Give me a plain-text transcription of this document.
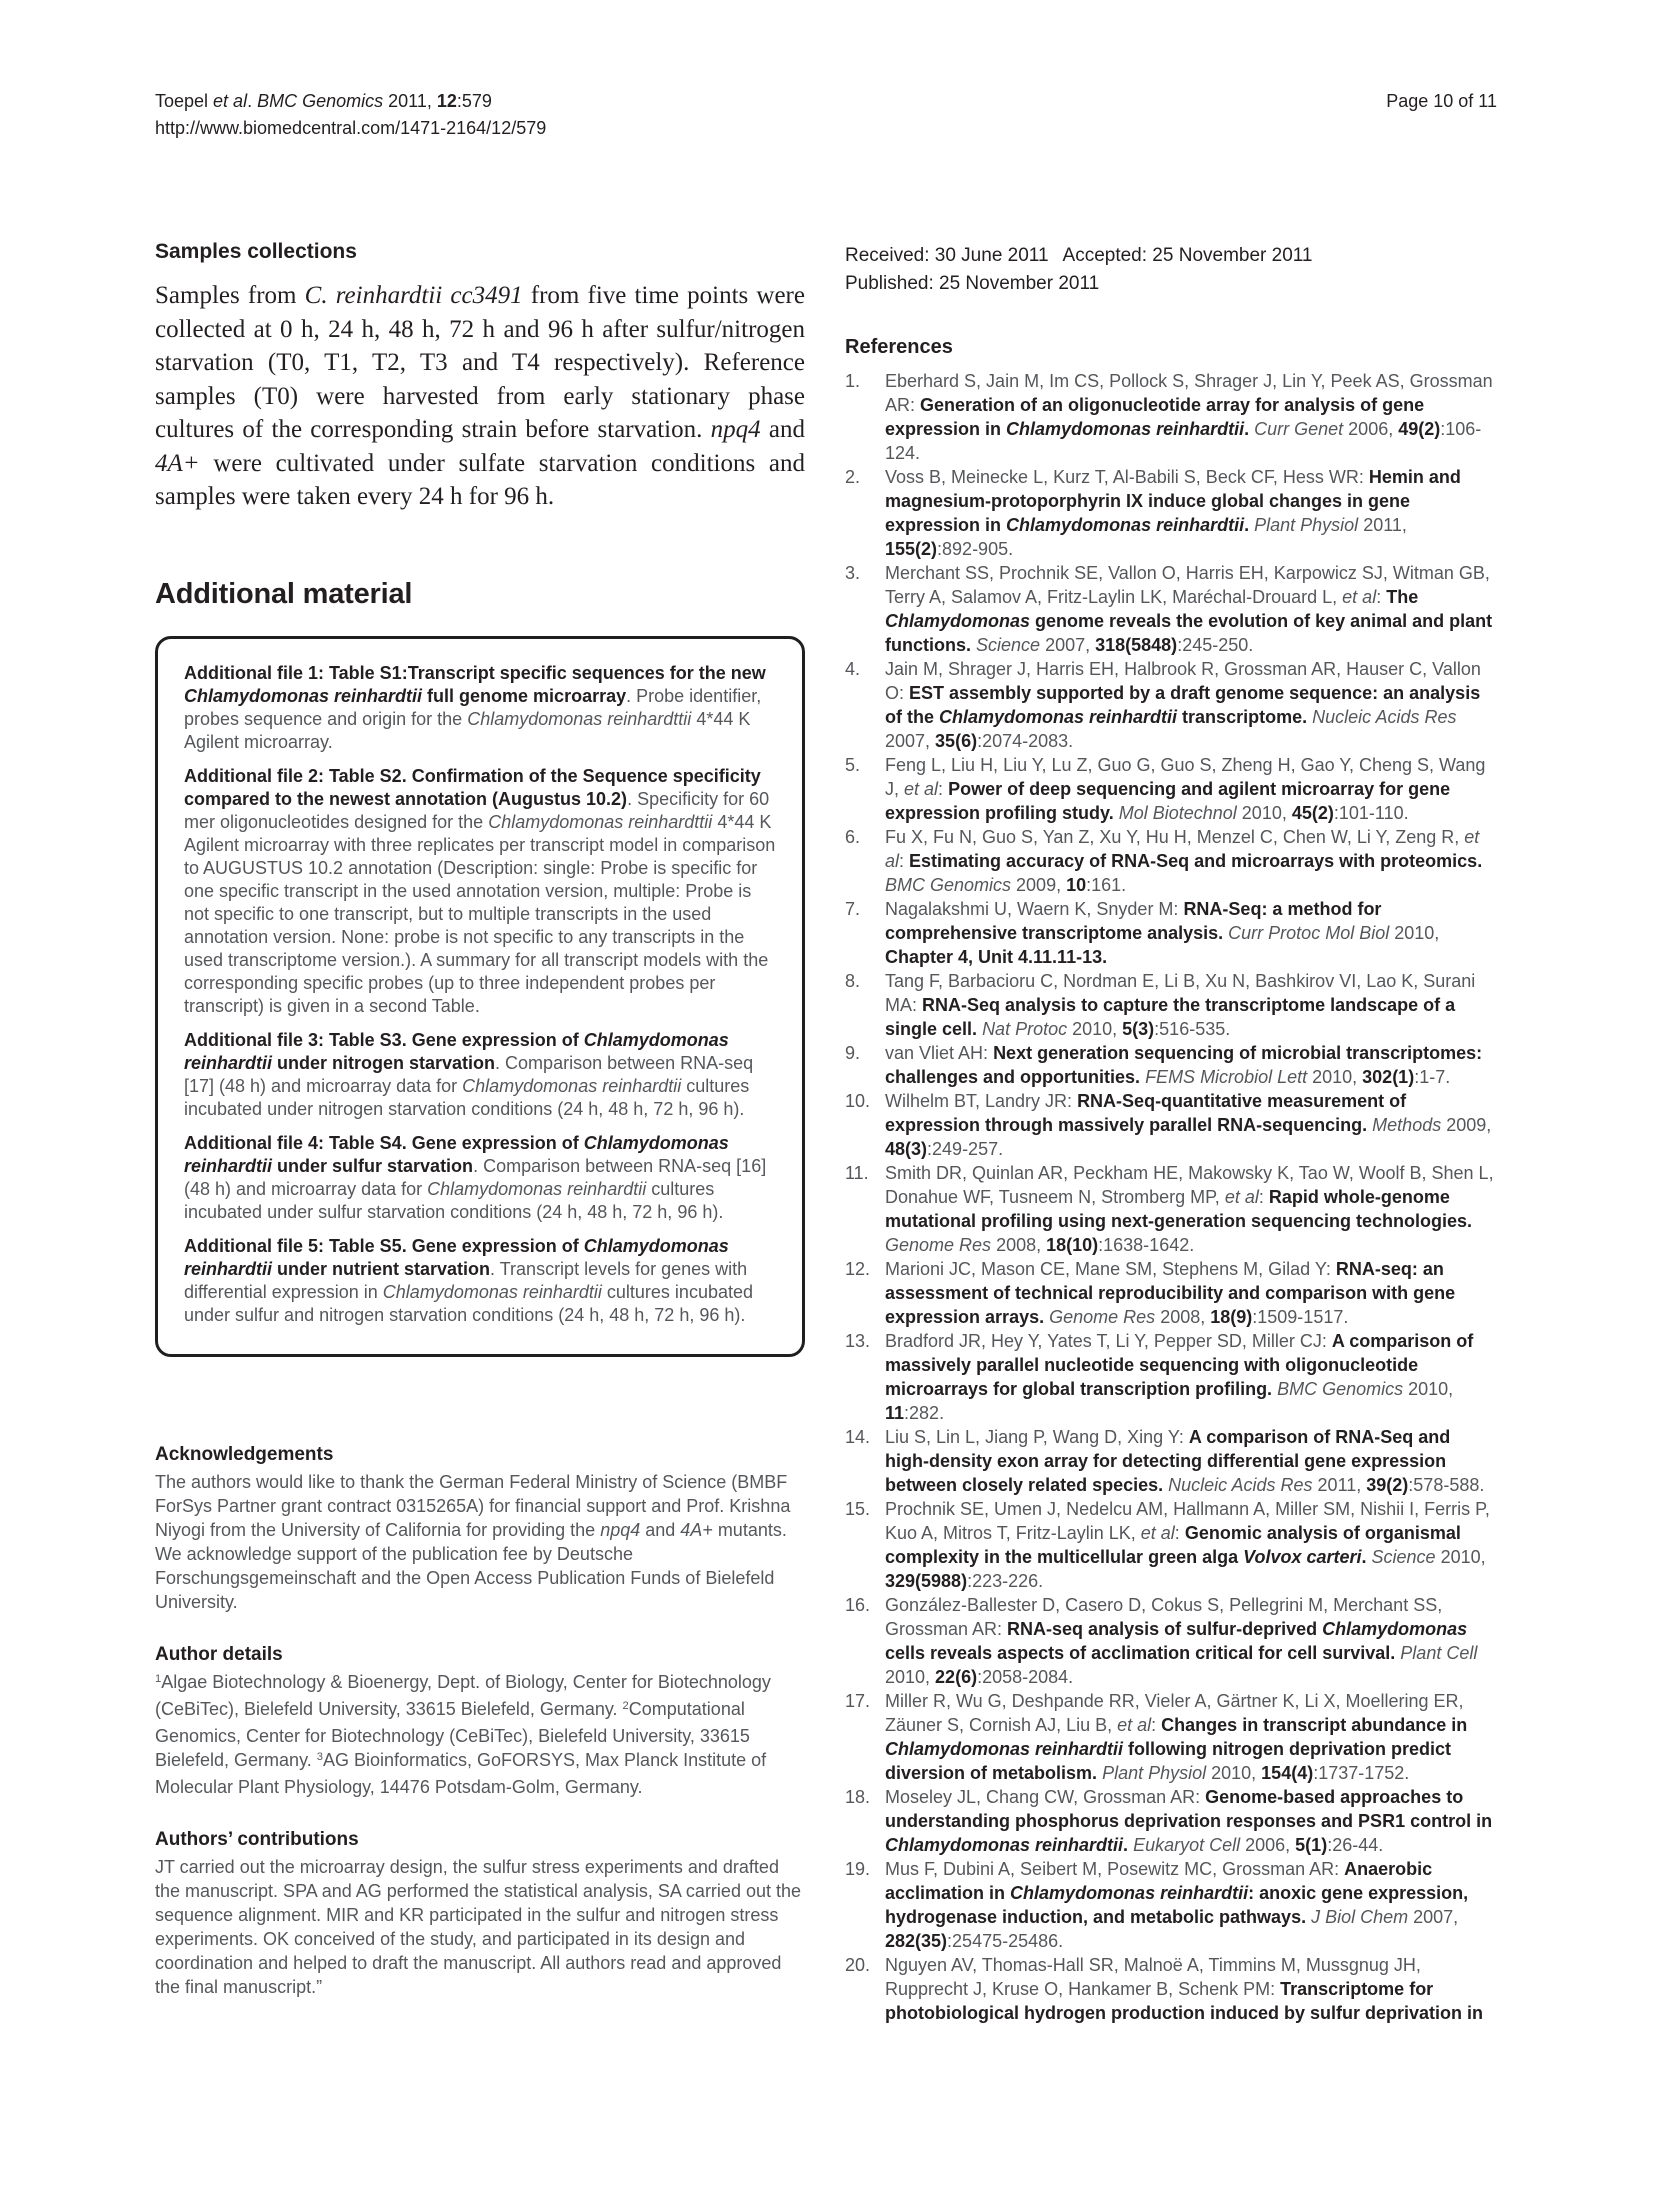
Toepel et al. BMC Genomics 2011, 12:579
http://www.biomedcentral.com/1471-2164/12/579
Page 10 of 11
Samples collections

Samples from C. reinhardtii cc3491 from five time points were collected at 0 h, 24 h, 48 h, 72 h and 96 h after sulfur/nitrogen starvation (T0, T1, T2, T3 and T4 respectively). Reference samples (T0) were harvested from early stationary phase cultures of the corresponding strain before starvation. npq4 and 4A+ were cultivated under sulfate starvation conditions and samples were taken every 24 h for 96 h.

Additional material
Additional file 1: Table S1:Transcript specific sequences for the new Chlamydomonas reinhardtii full genome microarray. Probe identifier, probes sequence and origin for the Chlamydomonas reinhardttii 4*44 K Agilent microarray.
Additional file 2: Table S2. Confirmation of the Sequence specificity compared to the newest annotation (Augustus 10.2). Specificity for 60 mer oligonucleotides designed for the Chlamydomonas reinhardttii 4*44 K Agilent microarray with three replicates per transcript model in comparison to AUGUSTUS 10.2 annotation (Description: single: Probe is specific for one specific transcript in the used annotation version, multiple: Probe is not specific to one transcript, but to multiple transcripts in the used annotation version. None: probe is not specific to any transcripts in the used transcriptome version.). A summary for all transcript models with the corresponding specific probes (up to three independent probes per transcript) is given in a second Table.
Additional file 3: Table S3. Gene expression of Chlamydomonas reinhardtii under nitrogen starvation. Comparison between RNA-seq [17] (48 h) and microarray data for Chlamydomonas reinhardtii cultures incubated under nitrogen starvation conditions (24 h, 48 h, 72 h, 96 h).
Additional file 4: Table S4. Gene expression of Chlamydomonas reinhardtii under sulfur starvation. Comparison between RNA-seq [16] (48 h) and microarray data for Chlamydomonas reinhardtii cultures incubated under sulfur starvation conditions (24 h, 48 h, 72 h, 96 h).
Additional file 5: Table S5. Gene expression of Chlamydomonas reinhardtii under nutrient starvation. Transcript levels for genes with differential expression in Chlamydomonas reinhardtii cultures incubated under sulfur and nitrogen starvation conditions (24 h, 48 h, 72 h, 96 h).
Acknowledgements

The authors would like to thank the German Federal Ministry of Science (BMBF ForSys Partner grant contract 0315265A) for financial support and Prof. Krishna Niyogi from the University of California for providing the npq4 and 4A+ mutants. We acknowledge support of the publication fee by Deutsche Forschungsgemeinschaft and the Open Access Publication Funds of Bielefeld University.

Author details

$^1$Algae Biotechnology & Bioenergy, Dept. of Biology, Center for Biotechnology (CeBiTec), Bielefeld University, 33615 Bielefeld, Germany. $^2$Computational Genomics, Center for Biotechnology (CeBiTec), Bielefeld University, 33615 Bielefeld, Germany. $^3$AG Bioinformatics, GoFORSYS, Max Planck Institute of Molecular Plant Physiology, 14476 Potsdam-Golm, Germany.

Authors’ contributions

JT carried out the microarray design, the sulfur stress experiments and drafted the manuscript. SPA and AG performed the statistical analysis, SA carried out the sequence alignment. MIR and KR participated in the sulfur and nitrogen stress experiments. OK conceived of the study, and participated in its design and coordination and helped to draft the manuscript. All authors read and approved the final manuscript.”

Received: 30 June 2011 Accepted: 25 November 2011
Published: 25 November 2011
References
1.	Eberhard S, Jain M, Im CS, Pollock S, Shrager J, Lin Y, Peek AS, Grossman AR: Generation of an oligonucleotide array for analysis of gene expression in Chlamydomonas reinhardtii. Curr Genet 2006, 49(2):106-124.
2.	Voss B, Meinecke L, Kurz T, Al-Babili S, Beck CF, Hess WR: Hemin and magnesium-protoporphyrin IX induce global changes in gene expression in Chlamydomonas reinhardtii. Plant Physiol 2011, 155(2):892-905.
3.	Merchant SS, Prochnik SE, Vallon O, Harris EH, Karpowicz SJ, Witman GB, Terry A, Salamov A, Fritz-Laylin LK, Maréchal-Drouard L, et al: The Chlamydomonas genome reveals the evolution of key animal and plant functions. Science 2007, 318(5848):245-250.
4.	Jain M, Shrager J, Harris EH, Halbrook R, Grossman AR, Hauser C, Vallon O: EST assembly supported by a draft genome sequence: an analysis of the Chlamydomonas reinhardtii transcriptome. Nucleic Acids Res 2007, 35(6):2074-2083.
5.	Feng L, Liu H, Liu Y, Lu Z, Guo G, Guo S, Zheng H, Gao Y, Cheng S, Wang J, et al: Power of deep sequencing and agilent microarray for gene expression profiling study. Mol Biotechnol 2010, 45(2):101-110.
6.	Fu X, Fu N, Guo S, Yan Z, Xu Y, Hu H, Menzel C, Chen W, Li Y, Zeng R, et al: Estimating accuracy of RNA-Seq and microarrays with proteomics. BMC Genomics 2009, 10:161.
7.	Nagalakshmi U, Waern K, Snyder M: RNA-Seq: a method for comprehensive transcriptome analysis. Curr Protoc Mol Biol 2010, Chapter 4, Unit 4.11.11-13.
8.	Tang F, Barbacioru C, Nordman E, Li B, Xu N, Bashkirov VI, Lao K, Surani MA: RNA-Seq analysis to capture the transcriptome landscape of a single cell. Nat Protoc 2010, 5(3):516-535.
9.	van Vliet AH: Next generation sequencing of microbial transcriptomes: challenges and opportunities. FEMS Microbiol Lett 2010, 302(1):1-7.
10. Wilhelm BT, Landry JR: RNA-Seq-quantitative measurement of expression through massively parallel RNA-sequencing. Methods 2009, 48(3):249-257.
11. Smith DR, Quinlan AR, Peckham HE, Makowsky K, Tao W, Woolf B, Shen L, Donahue WF, Tusneem N, Stromberg MP, et al: Rapid whole-genome mutational profiling using next-generation sequencing technologies. Genome Res 2008, 18(10):1638-1642.
12. Marioni JC, Mason CE, Mane SM, Stephens M, Gilad Y: RNA-seq: an assessment of technical reproducibility and comparison with gene expression arrays. Genome Res 2008, 18(9):1509-1517.
13. Bradford JR, Hey Y, Yates T, Li Y, Pepper SD, Miller CJ: A comparison of massively parallel nucleotide sequencing with oligonucleotide microarrays for global transcription profiling. BMC Genomics 2010, 11:282.
14. Liu S, Lin L, Jiang P, Wang D, Xing Y: A comparison of RNA-Seq and high-density exon array for detecting differential gene expression between closely related species. Nucleic Acids Res 2011, 39(2):578-588.
15. Prochnik SE, Umen J, Nedelcu AM, Hallmann A, Miller SM, Nishii I, Ferris P, Kuo A, Mitros T, Fritz-Laylin LK, et al: Genomic analysis of organismal complexity in the multicellular green alga Volvox carteri. Science 2010, 329(5988):223-226.
16. González-Ballester D, Casero D, Cokus S, Pellegrini M, Merchant SS, Grossman AR: RNA-seq analysis of sulfur-deprived Chlamydomonas cells reveals aspects of acclimation critical for cell survival. Plant Cell 2010, 22(6):2058-2084.
17. Miller R, Wu G, Deshpande RR, Vieler A, Gärtner K, Li X, Moellering ER, Zäuner S, Cornish AJ, Liu B, et al: Changes in transcript abundance in Chlamydomonas reinhardtii following nitrogen deprivation predict diversion of metabolism. Plant Physiol 2010, 154(4):1737-1752.
18. Moseley JL, Chang CW, Grossman AR: Genome-based approaches to understanding phosphorus deprivation responses and PSR1 control in Chlamydomonas reinhardtii. Eukaryot Cell 2006, 5(1):26-44.
19. Mus F, Dubini A, Seibert M, Posewitz MC, Grossman AR: Anaerobic acclimation in Chlamydomonas reinhardtii: anoxic gene expression, hydrogenase induction, and metabolic pathways. J Biol Chem 2007, 282(35):25475-25486.
20. Nguyen AV, Thomas-Hall SR, Malnoë A, Timmins M, Mussgnug JH, Rupprecht J, Kruse O, Hankamer B, Schenk PM: Transcriptome for photobiological hydrogen production induced by sulfur deprivation in
